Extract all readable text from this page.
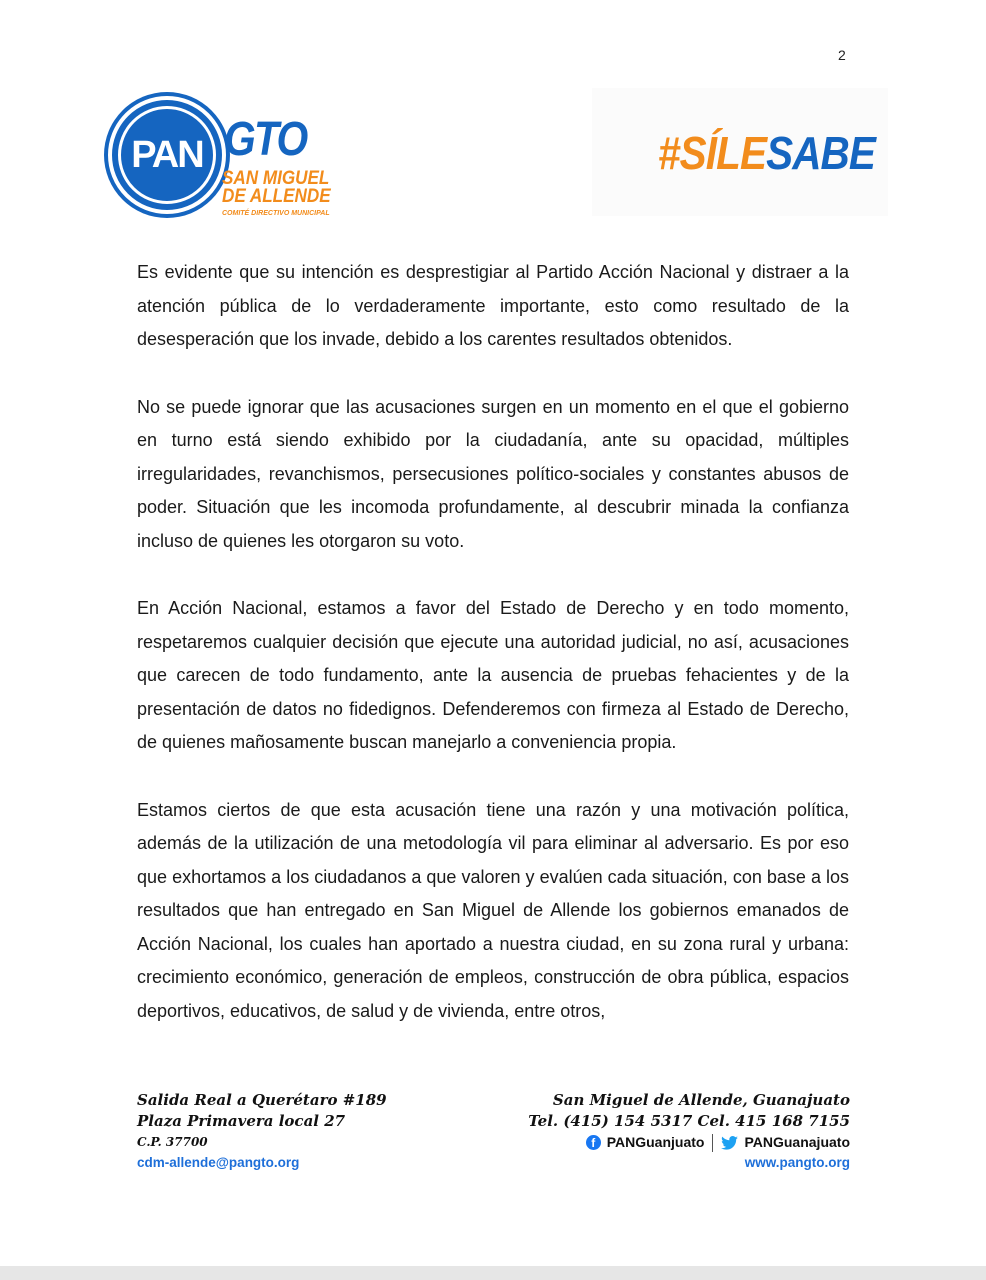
2
PAN GTO
SAN MIGUEL
DE ALLENDE
COMITÉ DIRECTIVO MUNICIPAL
#SÍLESABE

Es evidente que su intención es desprestigiar al Partido Acción Nacional y distraer a la atención pública de lo verdaderamente importante, esto como resultado de la desesperación que los invade, debido a los carentes resultados obtenidos.

No se puede ignorar que las acusaciones surgen en un momento en el que el gobierno en turno está siendo exhibido por la ciudadanía, ante su opacidad, múltiples irregularidades, revanchismos, persecusiones político-sociales y constantes abusos de poder. Situación que les incomoda profundamente, al descubrir minada la confianza incluso de quienes les otorgaron su voto.

En Acción Nacional, estamos a favor del Estado de Derecho y en todo momento, respetaremos cualquier decisión que ejecute una autoridad judicial, no así, acusaciones que carecen de todo fundamento, ante la ausencia de pruebas fehacientes y de la presentación de datos no fidedignos. Defenderemos con firmeza al Estado de Derecho, de quienes mañosamente buscan manejarlo a conveniencia propia.

Estamos ciertos de que esta acusación tiene una razón y una motivación política, además de la utilización de una metodología vil para eliminar al adversario. Es por eso que exhortamos a los ciudadanos a que valoren y evalúen cada situación, con base a los resultados que han entregado en San Miguel de Allende los gobiernos emanados de Acción Nacional, los cuales han aportado a nuestra ciudad, en su zona rural y urbana: crecimiento económico, generación de empleos, construcción de obra pública, espacios deportivos, educativos, de salud y de vivienda, entre otros,

Salida Real a Querétaro #189
Plaza Primavera local 27
C.P. 37700
cdm-allende@pangto.org
San Miguel de Allende, Guanajuato
Tel. (415) 154 5317 Cel. 415 168 7155
f PANGuanjuato	PANGuanajuato
www.pangto.org
